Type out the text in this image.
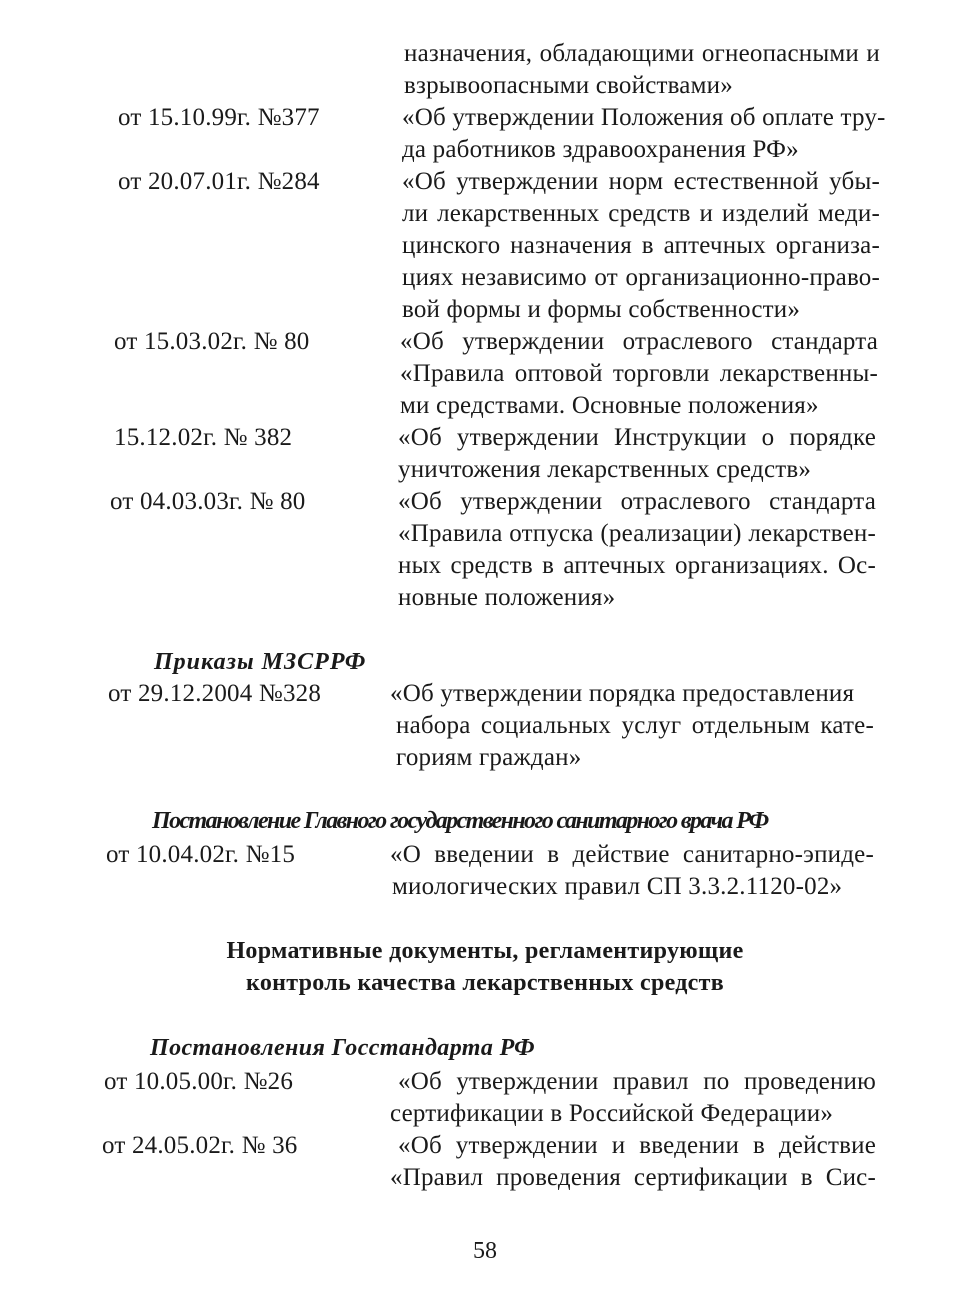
назначения, обладающими огнеопасными и

взрывоопасными свойствами»

от 15.10.99г. №377	«Об утверждении Положения об оплате тру-

да работников здравоохранения РФ»

от 20.07.01г. №284	«Об утверждении норм естественной убы-

ли лекарственных средств и изделий меди-

цинского назначения в аптечных организа-

циях независимо от организационно-право-

вой формы и формы собственности»

от 15.03.02г. № 80	«Об утверждении отраслевого стандарта

«Правила оптовой торговли лекарственны-

ми средствами. Основные положения»

15.12.02г. № 382	«Об утверждении Инструкции о порядке

уничтожения лекарственных средств»

от 04.03.03г. № 80	«Об утверждении отраслевого стандарта

«Правила отпуска (реализации) лекарствен-

ных средств в аптечных организациях. Ос-

новные положения»

Приказы МЗСРРФ

от 29.12.2004 №328	«Об утверждении порядка предоставления

набора социальных услуг отдельным кате-

гориям граждан»

Постановление Главного государственного санитарного врача РФ

от 10.04.02г. №15	«О введении в действие санитарно-эпиде-

миологических правил СП 3.3.2.1120-02»

Нормативные документы, регламентирующие

контроль качества лекарственных средств

Постановления Госстандарта РФ

от 10.05.00г. №26	«Об утверждении правил по проведению

сертификации в Российской Федерации»

от 24.05.02г. № 36	«Об утверждении и введении в действие

«Правил проведения сертификации в Сис-

58
